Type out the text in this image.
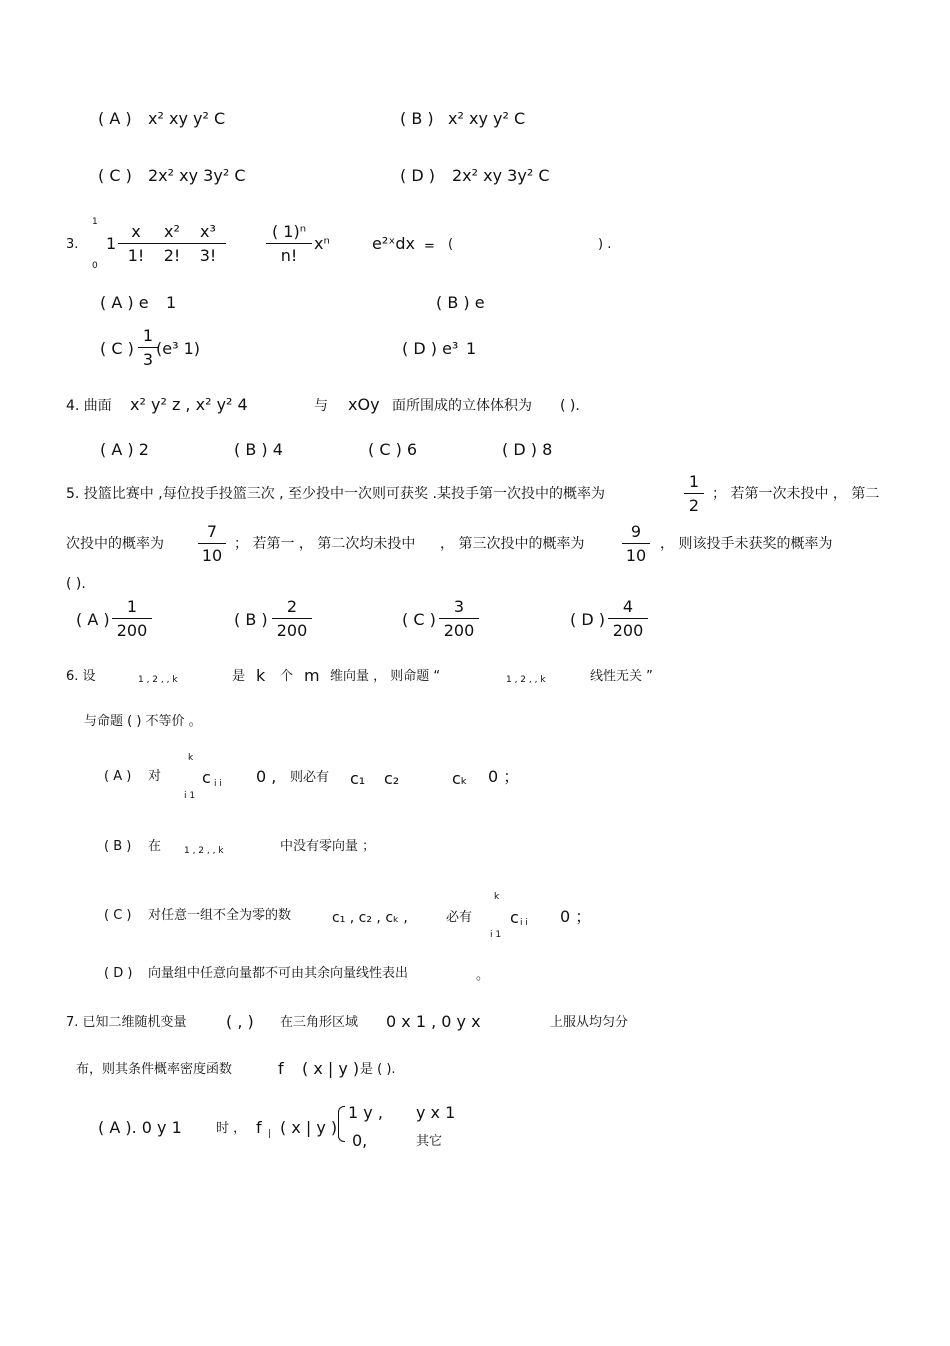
( A ) x² xy y² C	( B ) x² xy y² C
( C ) 2x² xy 3y² C	( D ) 2x² xy 3y² C
3.
1
0
1
x
1!
x²
2!
x³
3!
( 1)ⁿ
n!
xⁿ	e²ˣdx = (	) .
( A ) e 1	( B ) e
( C )
1
3
(e³ 1)	( D ) e³ 1
4. 曲面 x² y² z , x² y² 4	与 xOy 面所围成的立体体积为 ( ).
( A ) 2	( B ) 4	( C ) 6	( D ) 8
5. 投篮比赛中 ,每位投手投篮三次 , 至少投中一次则可获奖 .某投手第一次投中的概率为
1
2
； 若第一次未投中 ， 第二
次投中的概率为
7
10
； 若第一 ， 第二次均未投中 ， 第三次投中的概率为
9
10
， 则该投手未获奖的概率为
( ).
( A )
1
200
( B )
2
200
( C )
3
200
( D )
4
200
6. 设	1 , 2 , , k	是 k 个 m 维向量 ， 则命题 “	1 , 2 , , k	线性无关 ”
与命题 ( ) 不等价 。
( A ) 对
k
i 1
c i i 0 , 则必有 c₁ c₂	cₖ 0 ；
( B ) 在	1 , 2 , , k	中没有零向量 ；
( C ) 对任意一组不全为零的数	c₁ , c₂ , cₖ ,	必有
k
i 1
c i i 0 ；
( D ) 向量组中任意向量都不可由其余向量线性表出	。
7. 已知二维随机变量 ( , ) 在三角形区域 0 x 1 , 0 y x	上服从均匀分
布，则其条件概率密度函数	f ( x | y ) 是 ( ).
( A ). 0 y 1	时 ， f | ( x | y )
1 y , y x 1
0,	其它
